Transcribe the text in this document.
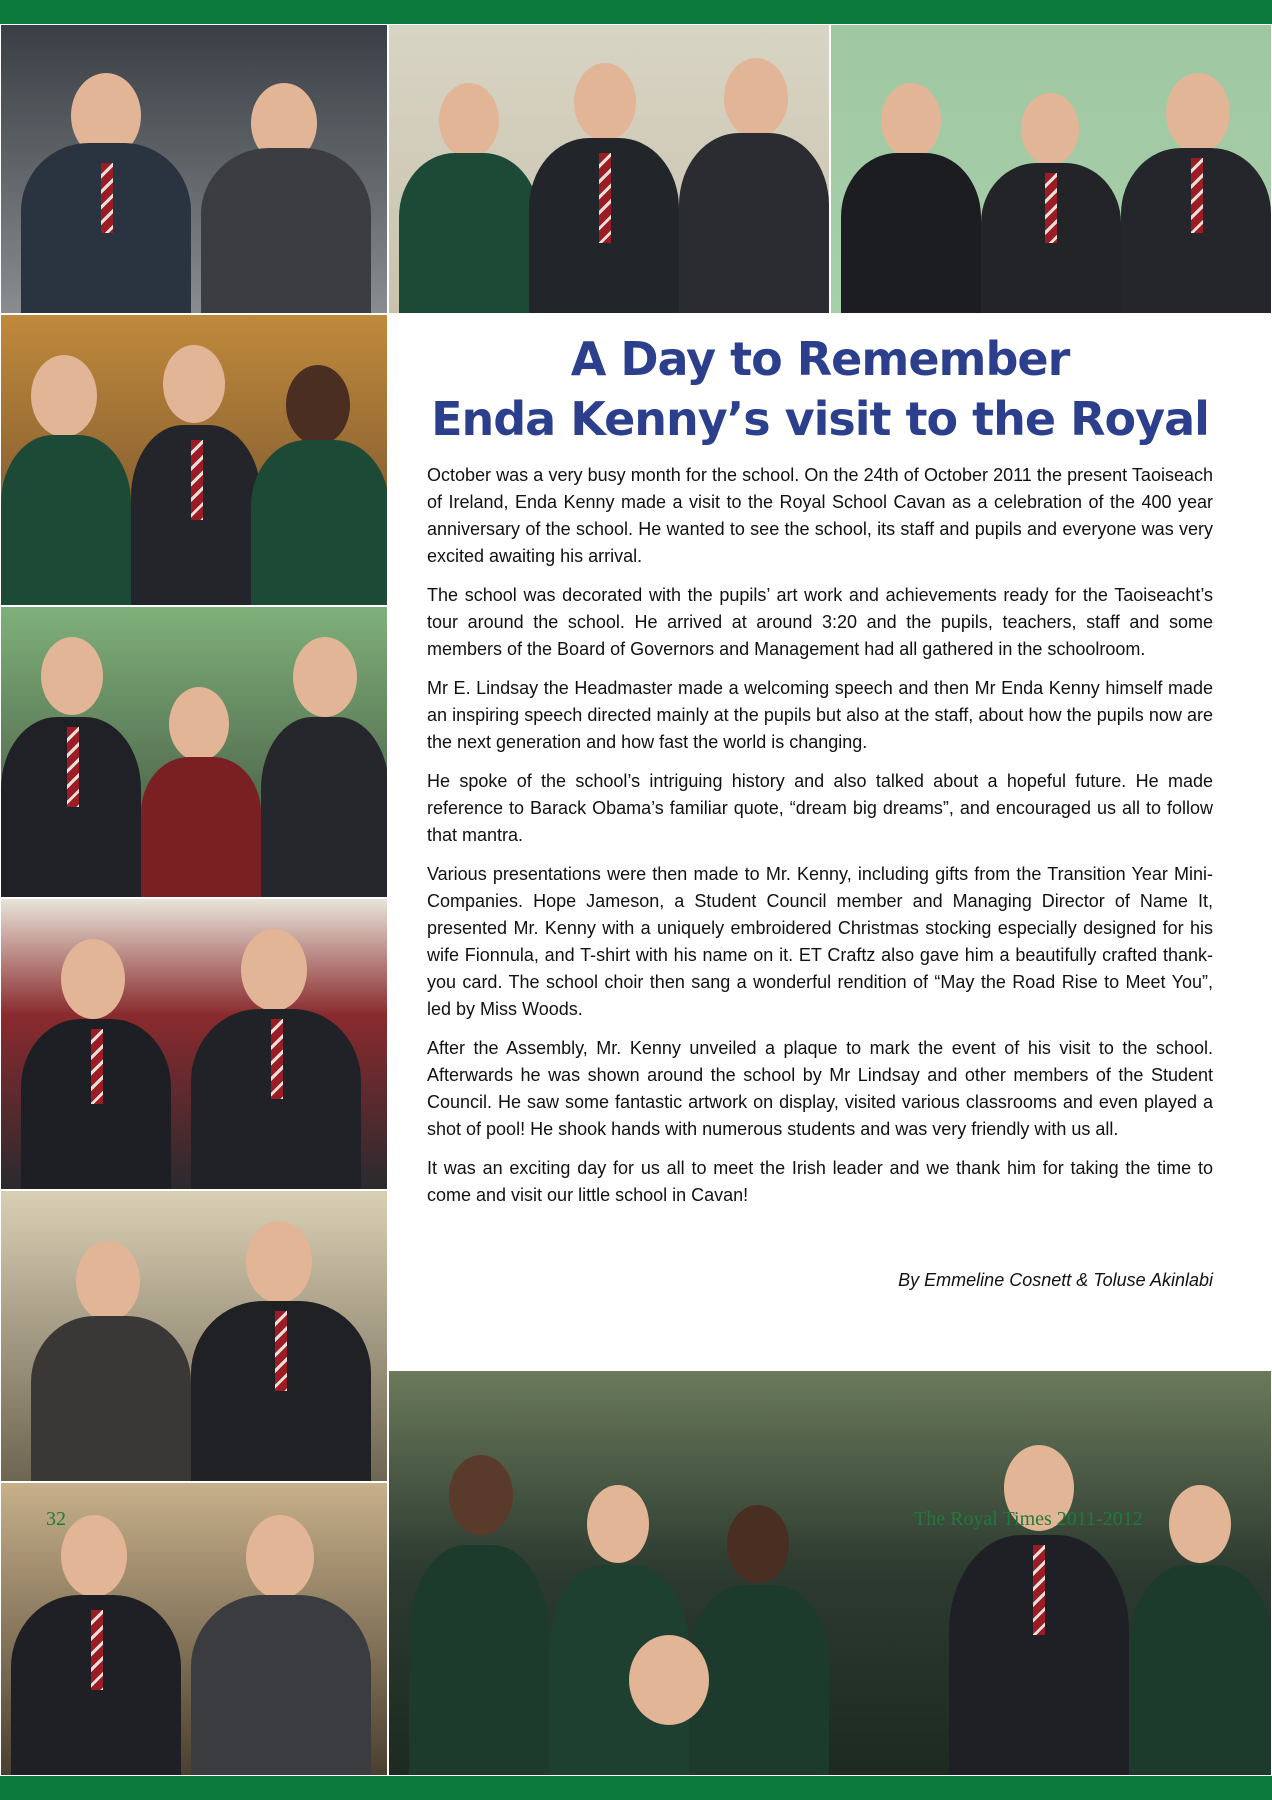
A Day to Remember
Enda Kenny’s visit to the Royal

October was a very busy month for the school. On the 24th of October 2011 the present Taoiseach of Ireland, Enda Kenny made a visit to the Royal School Cavan as a celebration of the 400 year anniversary of the school. He wanted to see the school, its staff and pupils and everyone was very excited awaiting his arrival.

The school was decorated with the pupils’ art work and achievements ready for the Taoiseacht’s tour around the school. He arrived at around 3:20 and the pupils, teachers, staff and some members of the Board of Governors and Management had all gathered in the schoolroom.

Mr E. Lindsay the Headmaster made a welcoming speech and then Mr Enda Kenny himself made an inspiring speech directed mainly at the pupils but also at the staff, about how the pupils now are the next generation and how fast the world is changing.

He spoke of the school’s intriguing history and also talked about a hopeful future. He made reference to Barack Obama’s familiar quote, “dream big dreams”, and encouraged us all to follow that mantra.

Various presentations were then made to Mr. Kenny, including gifts from the Transition Year Mini- Companies. Hope Jameson, a Student Council member and Managing Director of Name It, presented Mr. Kenny with a uniquely embroidered Christmas stocking especially designed for his wife Fionnula, and T-shirt with his name on it. ET Craftz also gave him a beautifully crafted thank-you card. The school choir then sang a wonderful rendition of “May the Road Rise to Meet You”, led by Miss Woods.

After the Assembly, Mr. Kenny unveiled a plaque to mark the event of his visit to the school. Afterwards he was shown around the school by Mr Lindsay and other members of the Student Council. He saw some fantastic artwork on display, visited various classrooms and even played a shot of pool! He shook hands with numerous students and was very friendly with us all.

It was an exciting day for us all to meet the Irish leader and we thank him for taking the time to come and visit our little school in Cavan!

By Emmeline Cosnett & Toluse Akinlabi
32	The Royal Times 2011-2012
